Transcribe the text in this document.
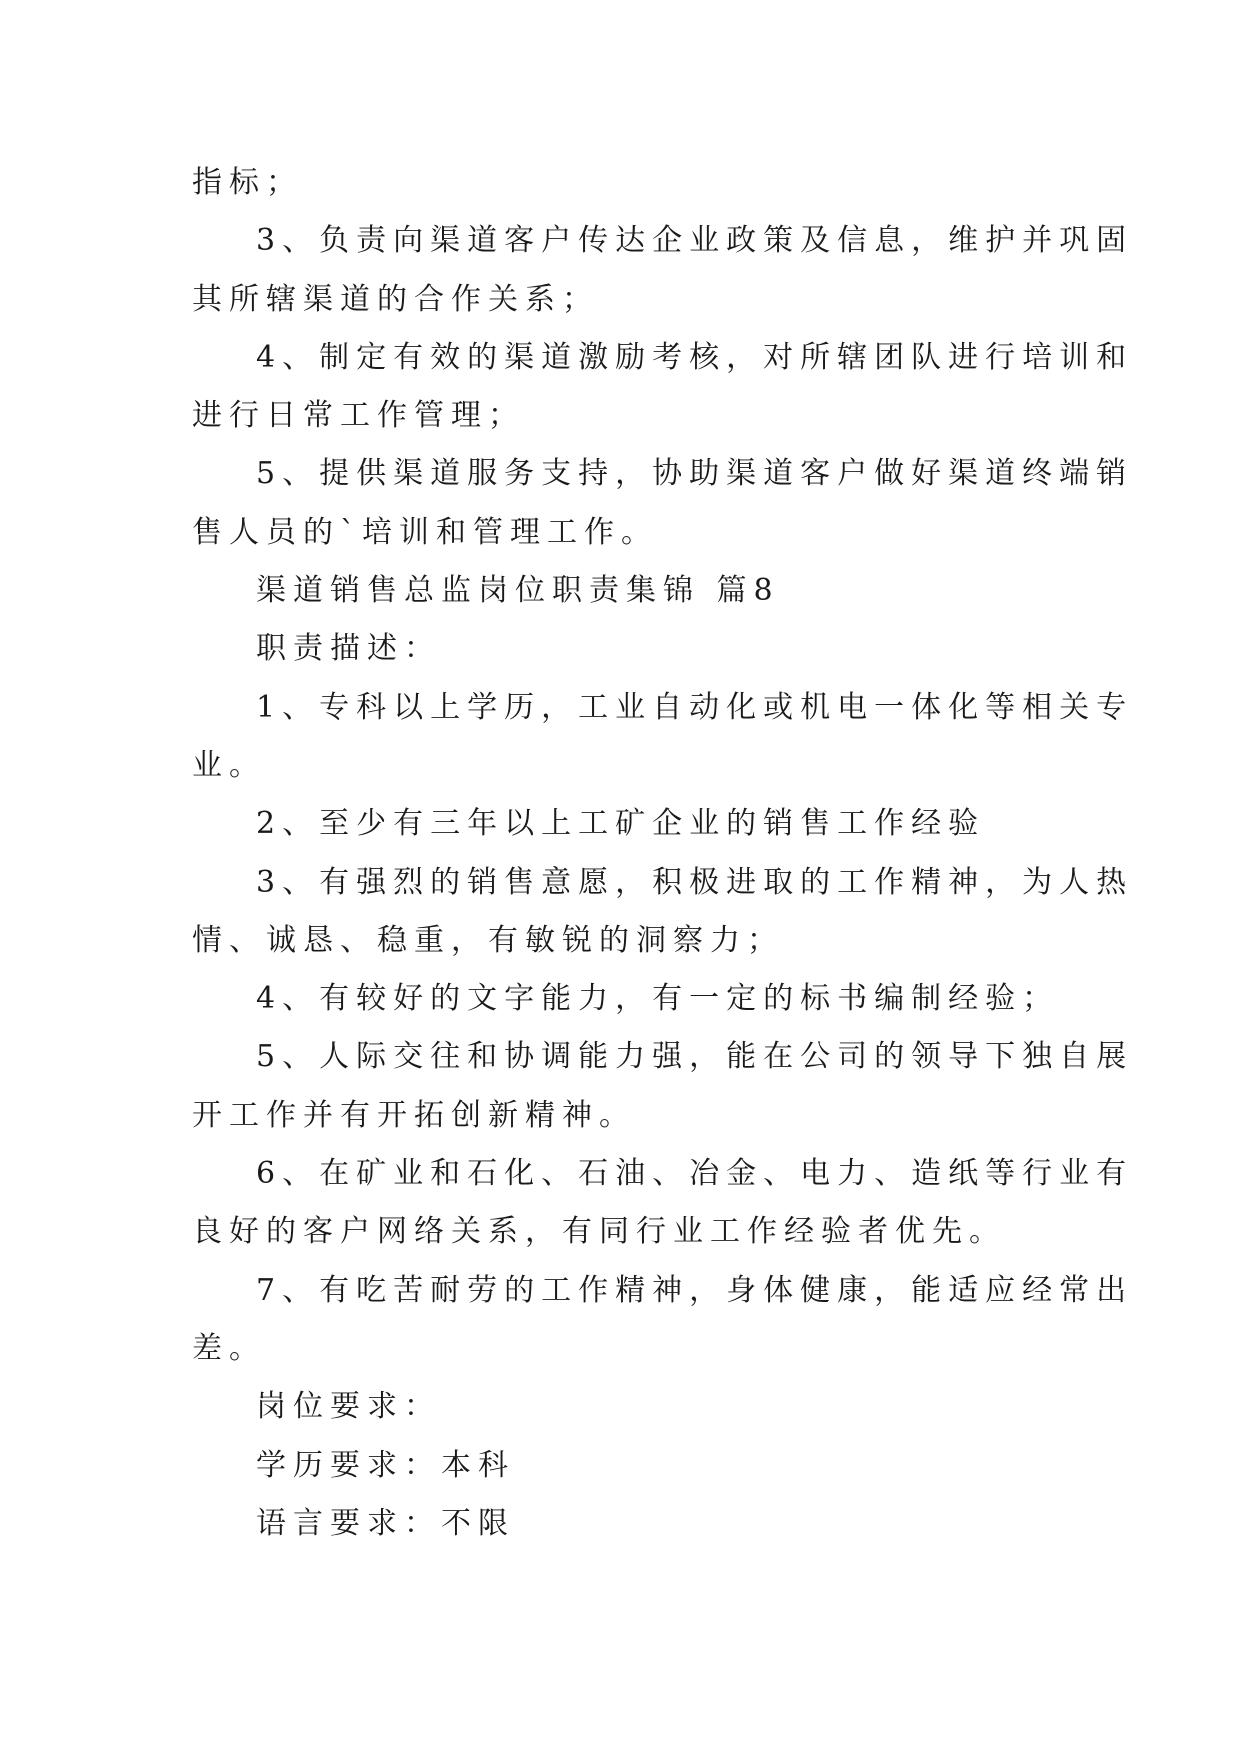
指标；
3、负责向渠道客户传达企业政策及信息，维护并巩固
其所辖渠道的合作关系；
4、制定有效的渠道激励考核，对所辖团队进行培训和
进行日常工作管理；
5、提供渠道服务支持，协助渠道客户做好渠道终端销
售人员的`培训和管理工作。
渠道销售总监岗位职责集锦 篇8
职责描述：
1、专科以上学历，工业自动化或机电一体化等相关专
业。
2、至少有三年以上工矿企业的销售工作经验
3、有强烈的销售意愿，积极进取的工作精神，为人热
情、诚恳、稳重，有敏锐的洞察力；
4、有较好的文字能力，有一定的标书编制经验；
5、人际交往和协调能力强，能在公司的领导下独自展
开工作并有开拓创新精神。
6、在矿业和石化、石油、冶金、电力、造纸等行业有
良好的客户网络关系，有同行业工作经验者优先。
7、有吃苦耐劳的工作精神，身体健康，能适应经常出
差。
岗位要求：
学历要求：本科
语言要求：不限
